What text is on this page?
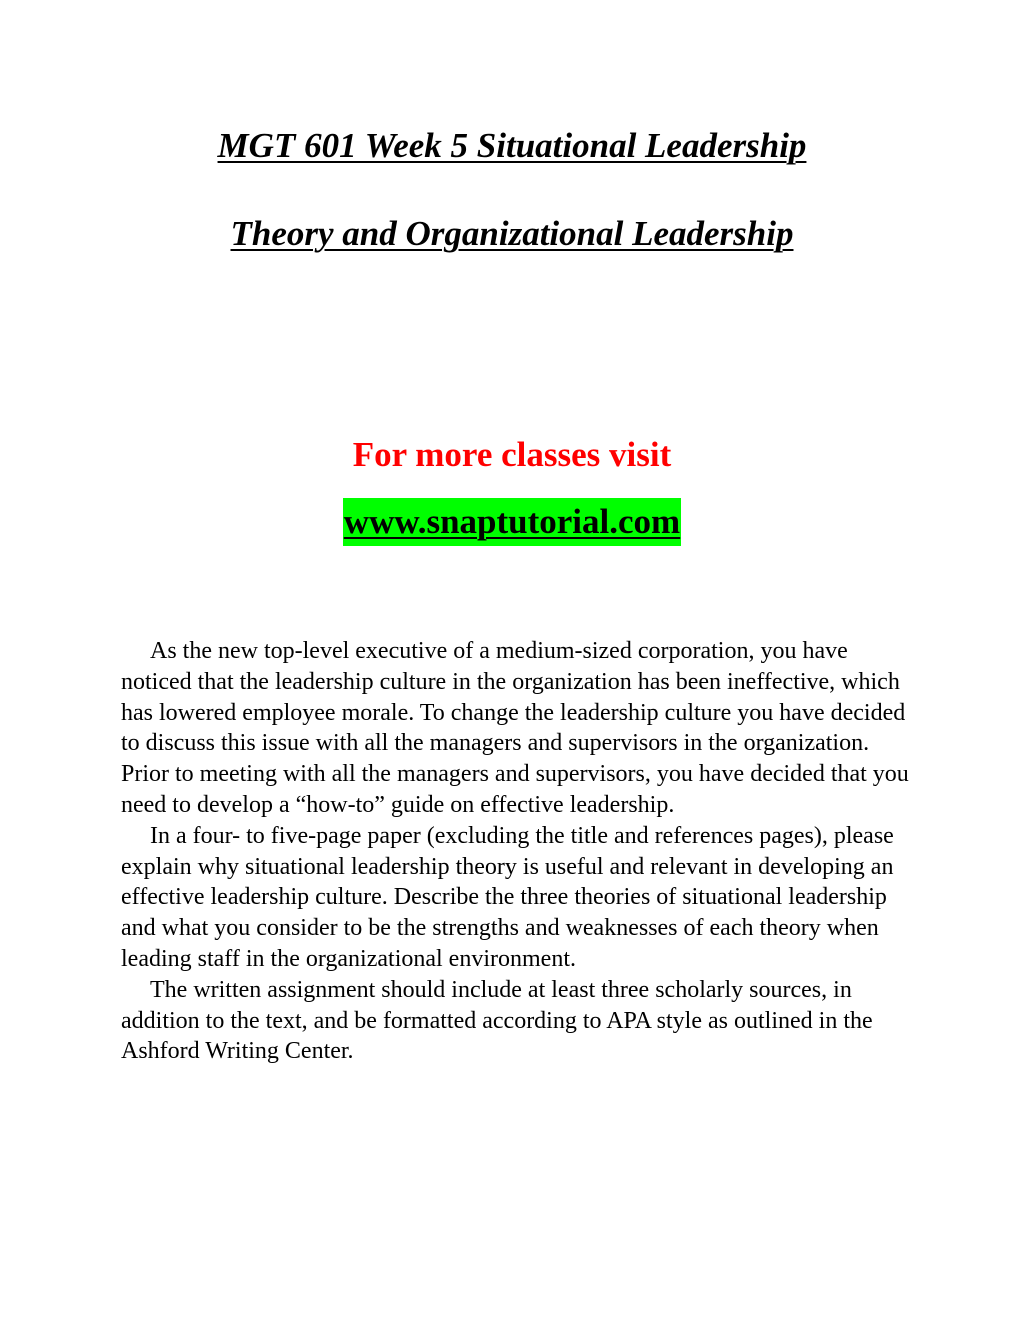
MGT 601 Week 5 Situational Leadership
Theory and Organizational Leadership

For more classes visit

www.snaptutorial.com

As the new top-level executive of a medium-sized corporation, you have noticed that the leadership culture in the organization has been ineffective, which has lowered employee morale. To change the leadership culture you have decided to discuss this issue with all the managers and supervisors in the organization. Prior to meeting with all the managers and supervisors, you have decided that you need to develop a “how-to” guide on effective leadership.

In a four- to five-page paper (excluding the title and references pages), please explain why situational leadership theory is useful and relevant in developing an effective leadership culture. Describe the three theories of situational leadership and what you consider to be the strengths and weaknesses of each theory when leading staff in the organizational environment.

The written assignment should include at least three scholarly sources, in addition to the text, and be formatted according to APA style as outlined in the Ashford Writing Center.
